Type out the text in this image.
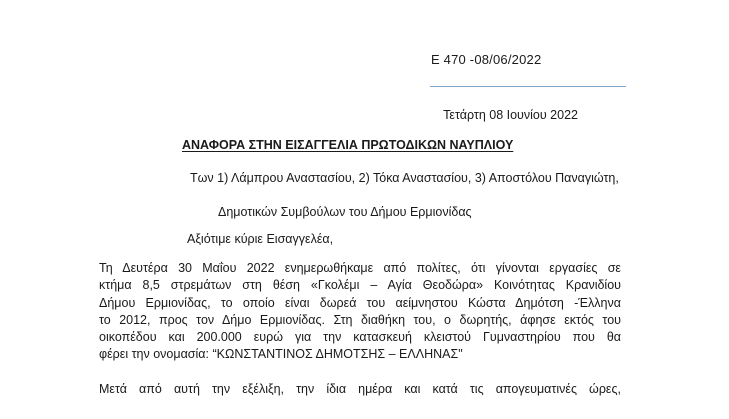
Ε 470 -08/06/2022
Τετάρτη 08 Ιουνίου 2022
ΑΝΑΦΟΡΑ ΣΤΗΝ ΕΙΣΑΓΓΕΛΙΑ ΠΡΩΤΟΔΙΚΩΝ ΝΑΥΠΛΙΟΥ
Των 1) Λάμπρου Αναστασίου, 2) Τόκα Αναστασίου, 3) Αποστόλου Παναγιώτη,
Δημοτικών Συμβούλων του Δήμου Ερμιονίδας
Αξιότιμε κύριε Εισαγγελέα,
Τη Δευτέρα 30 Μαΐου 2022 ενημερωθήκαμε από πολίτες, ότι γίνονται εργασίες σε
κτήμα 8,5 στρεμάτων στη θέση «Γκολέμι – Αγία Θεοδώρα» Κοινότητας Κρανιδίου
Δήμου Ερμιονίδας, το οποίο είναι δωρεά του αείμνηστου Κώστα Δημότση -Έλληνα
το 2012, προς τον Δήμο Ερμιονίδας. Στη διαθήκη του, ο δωρητής, άφησε εκτός του
οικοπέδου και 200.000 ευρώ για την κατασκευή κλειστού Γυμναστηρίου που θα
φέρει την ονομασία: “ΚΩΝΣΤΑΝΤΙΝΟΣ ΔΗΜΟΤΣΗΣ – ΕΛΛΗΝΑΣ"
Μετά από αυτή την εξέλιξη, την ίδια ημέρα και κατά τις απογευματινές ώρες,
